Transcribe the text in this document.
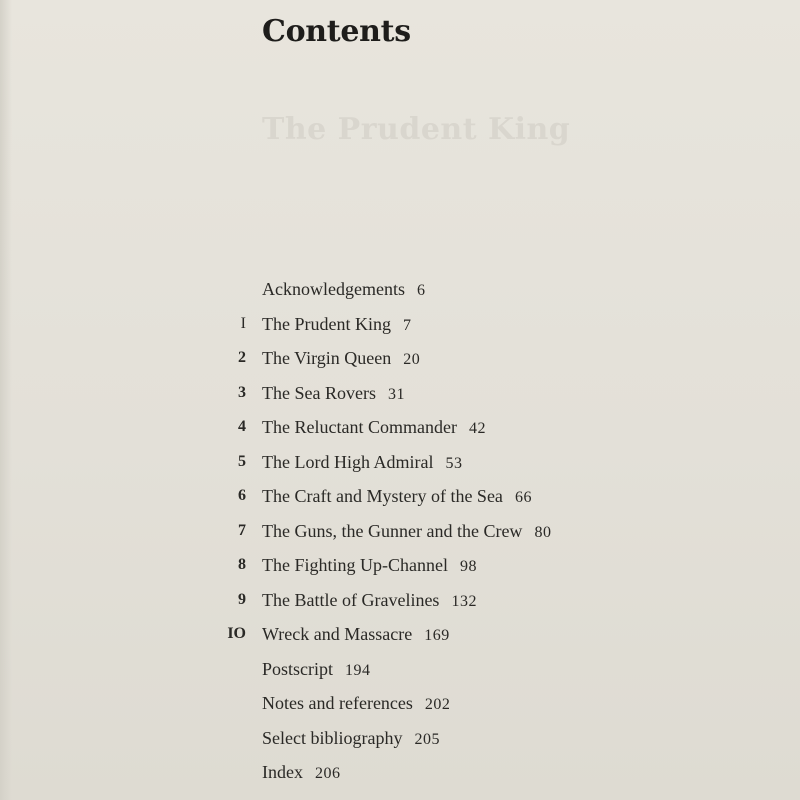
The Prudent King
Contents
Acknowledgements 6
I The Prudent King 7
2 The Virgin Queen 20
3 The Sea Rovers 31
4 The Reluctant Commander 42
5 The Lord High Admiral 53
6 The Craft and Mystery of the Sea 66
7 The Guns, the Gunner and the Crew 80
8 The Fighting Up-Channel 98
9 The Battle of Gravelines 132
IO Wreck and Massacre 169
Postscript 194
Notes and references 202
Select bibliography 205
Index 206
